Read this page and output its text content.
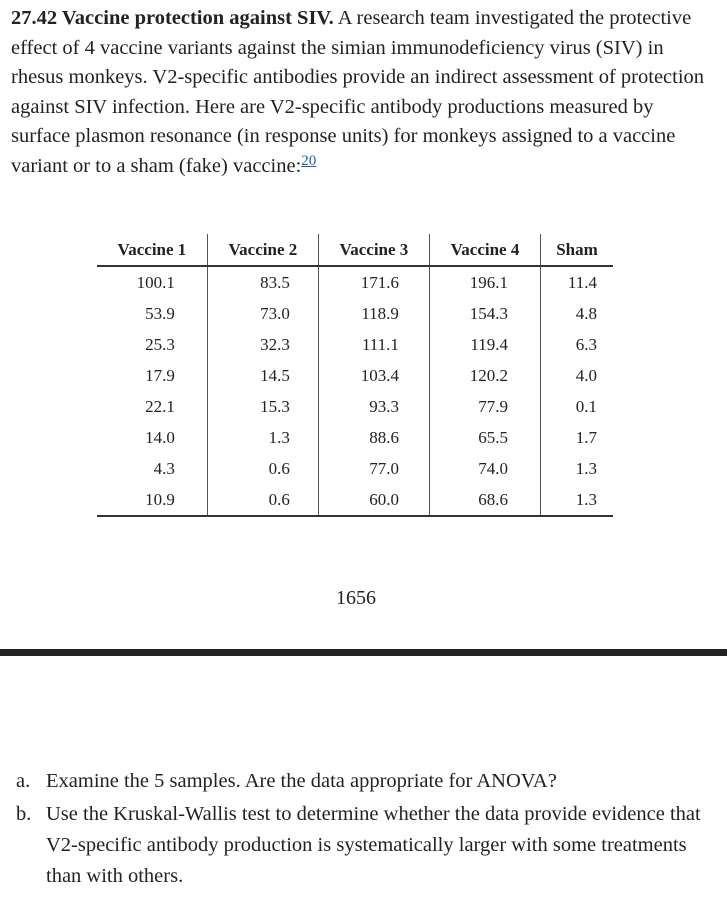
27.42 Vaccine protection against SIV. A research team investigated the protective effect of 4 vaccine variants against the simian immunodeficiency virus (SIV) in rhesus monkeys. V2-specific antibodies provide an indirect assessment of protection against SIV infection. Here are V2-specific antibody productions measured by surface plasmon resonance (in response units) for monkeys assigned to a vaccine variant or to a sham (fake) vaccine:$^{20}$

Vaccine 1	Vaccine 2	Vaccine 3	Vaccine 4	Sham
100.1	83.5	171.6	196.1	11.4
53.9	73.0	118.9	154.3	4.8
25.3	32.3	111.1	119.4	6.3
17.9	14.5	103.4	120.2	4.0
22.1	15.3	93.3	77.9	0.1
14.0	1.3	88.6	65.5	1.7
4.3	0.6	77.0	74.0	1.3
10.9	0.6	60.0	68.6	1.3
1656
a. Examine the 5 samples. Are the data appropriate for ANOVA?
b. Use the Kruskal-Wallis test to determine whether the data provide evidence that V2-specific antibody production is systematically larger with some treatments than with others.
